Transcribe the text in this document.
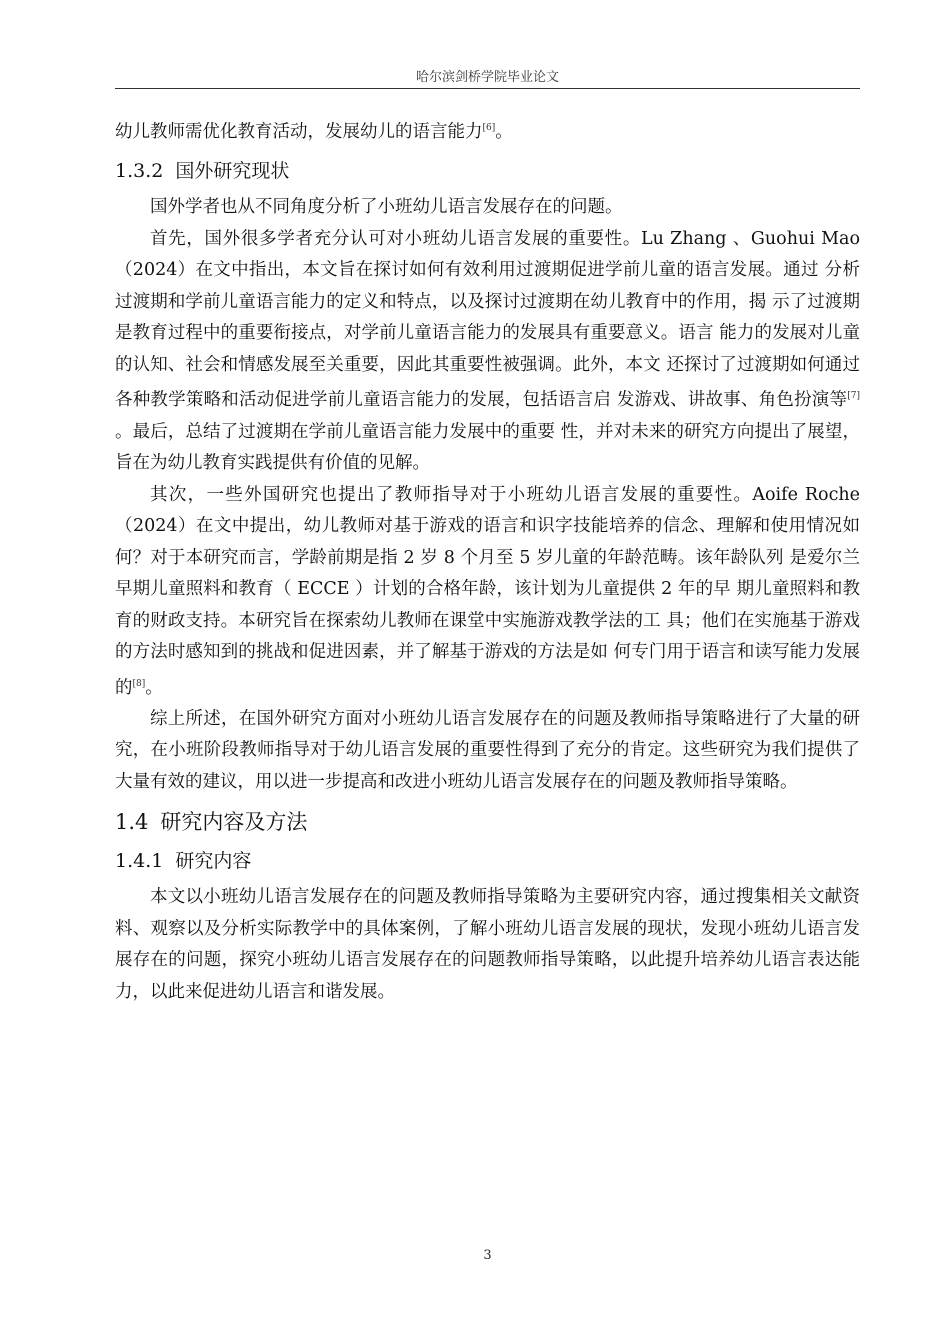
哈尔滨剑桥学院毕业论文

幼儿教师需优化教育活动，发展幼儿的语言能力[6]。

1.3.2 国外研究现状

国外学者也从不同角度分析了小班幼儿语言发展存在的问题。

首先，国外很多学者充分认可对小班幼儿语言发展的重要性。Lu Zhang 、Guohui Mao （2024）在文中指出，本文旨在探讨如何有效利用过渡期促进学前儿童的语言发展。通过 分析过渡期和学前儿童语言能力的定义和特点，以及探讨过渡期在幼儿教育中的作用，揭 示了过渡期是教育过程中的重要衔接点，对学前儿童语言能力的发展具有重要意义。语言 能力的发展对儿童的认知、社会和情感发展至关重要，因此其重要性被强调。此外，本文 还探讨了过渡期如何通过各种教学策略和活动促进学前儿童语言能力的发展，包括语言启 发游戏、讲故事、角色扮演等[7] 。最后，总结了过渡期在学前儿童语言能力发展中的重要 性，并对未来的研究方向提出了展望，旨在为幼儿教育实践提供有价值的见解。

其次，一些外国研究也提出了教师指导对于小班幼儿语言发展的重要性。Aoife Roche（2024）在文中提出，幼儿教师对基于游戏的语言和识字技能培养的信念、理解和使用情况如何？对于本研究而言，学龄前期是指 2 岁 8 个月至 5 岁儿童的年龄范畴。该年龄队列 是爱尔兰早期儿童照料和教育（ ECCE ）计划的合格年龄，该计划为儿童提供 2 年的早 期儿童照料和教育的财政支持。本研究旨在探索幼儿教师在课堂中实施游戏教学法的工 具；他们在实施基于游戏的方法时感知到的挑战和促进因素，并了解基于游戏的方法是如 何专门用于语言和读写能力发展的[8]。

综上所述，在国外研究方面对小班幼儿语言发展存在的问题及教师指导策略进行了大量的研究，在小班阶段教师指导对于幼儿语言发展的重要性得到了充分的肯定。这些研究为我们提供了大量有效的建议，用以进一步提高和改进小班幼儿语言发展存在的问题及教师指导策略。

1.4 研究内容及方法
1.4.1 研究内容

本文以小班幼儿语言发展存在的问题及教师指导策略为主要研究内容，通过搜集相关文献资料、观察以及分析实际教学中的具体案例，了解小班幼儿语言发展的现状，发现小班幼儿语言发展存在的问题，探究小班幼儿语言发展存在的问题教师指导策略，以此提升培养幼儿语言表达能力，以此来促进幼儿语言和谐发展。

3
